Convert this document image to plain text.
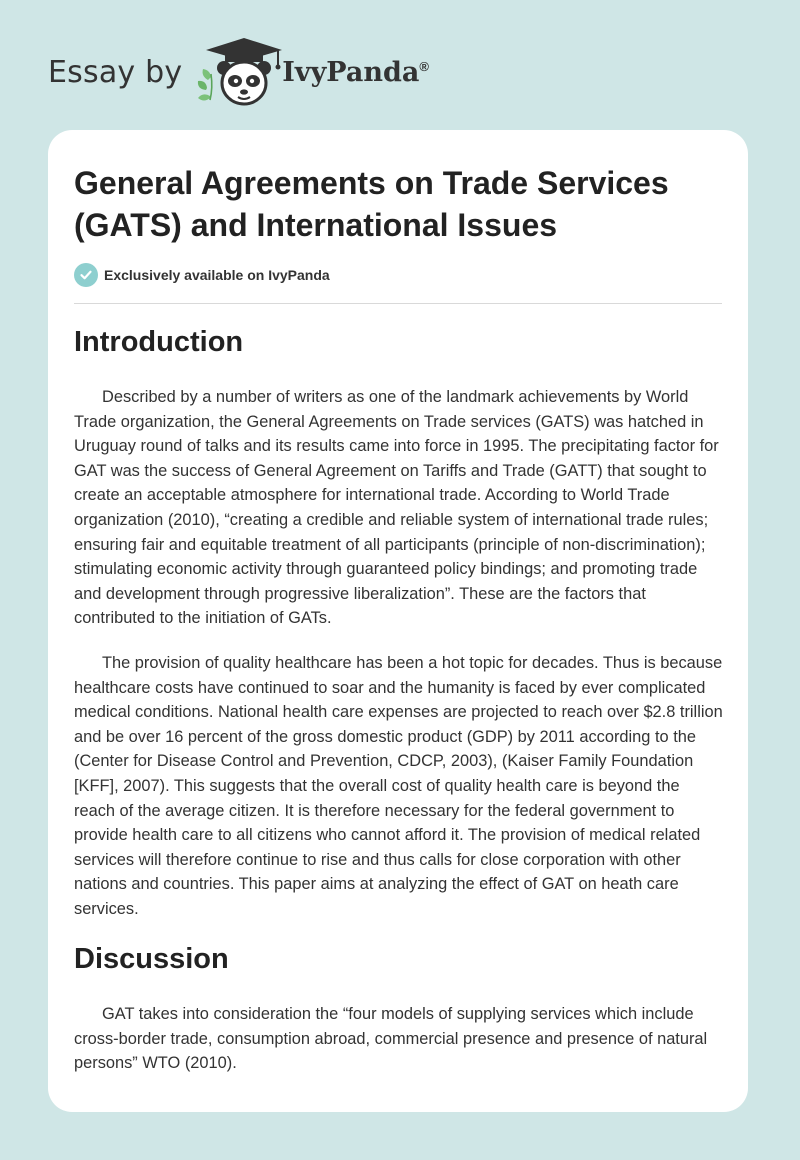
Essay by	IvyPanda®
General Agreements on Trade Services (GATS) and International Issues
Exclusively available on IvyPanda
Introduction

Described by a number of writers as one of the landmark achievements by World Trade organization, the General Agreements on Trade services (GATS) was hatched in Uruguay round of talks and its results came into force in 1995. The precipitating factor for GAT was the success of General Agreement on Tariffs and Trade (GATT) that sought to create an acceptable atmosphere for international trade. According to World Trade organization (2010), “creating a credible and reliable system of international trade rules; ensuring fair and equitable treatment of all participants (principle of non-discrimination); stimulating economic activity through guaranteed policy bindings; and promoting trade and development through progressive liberalization”. These are the factors that contributed to the initiation of GATs.

The provision of quality healthcare has been a hot topic for decades. Thus is because healthcare costs have continued to soar and the humanity is faced by ever complicated medical conditions. National health care expenses are projected to reach over $2.8 trillion and be over 16 percent of the gross domestic product (GDP) by 2011 according to the (Center for Disease Control and Prevention, CDCP, 2003), (Kaiser Family Foundation [KFF], 2007). This suggests that the overall cost of quality health care is beyond the reach of the average citizen. It is therefore necessary for the federal government to provide health care to all citizens who cannot afford it. The provision of medical related services will therefore continue to rise and thus calls for close corporation with other nations and countries. This paper aims at analyzing the effect of GAT on heath care services.

Discussion

GAT takes into consideration the “four models of supplying services which include cross-border trade, consumption abroad, commercial presence and presence of natural persons” WTO (2010).
